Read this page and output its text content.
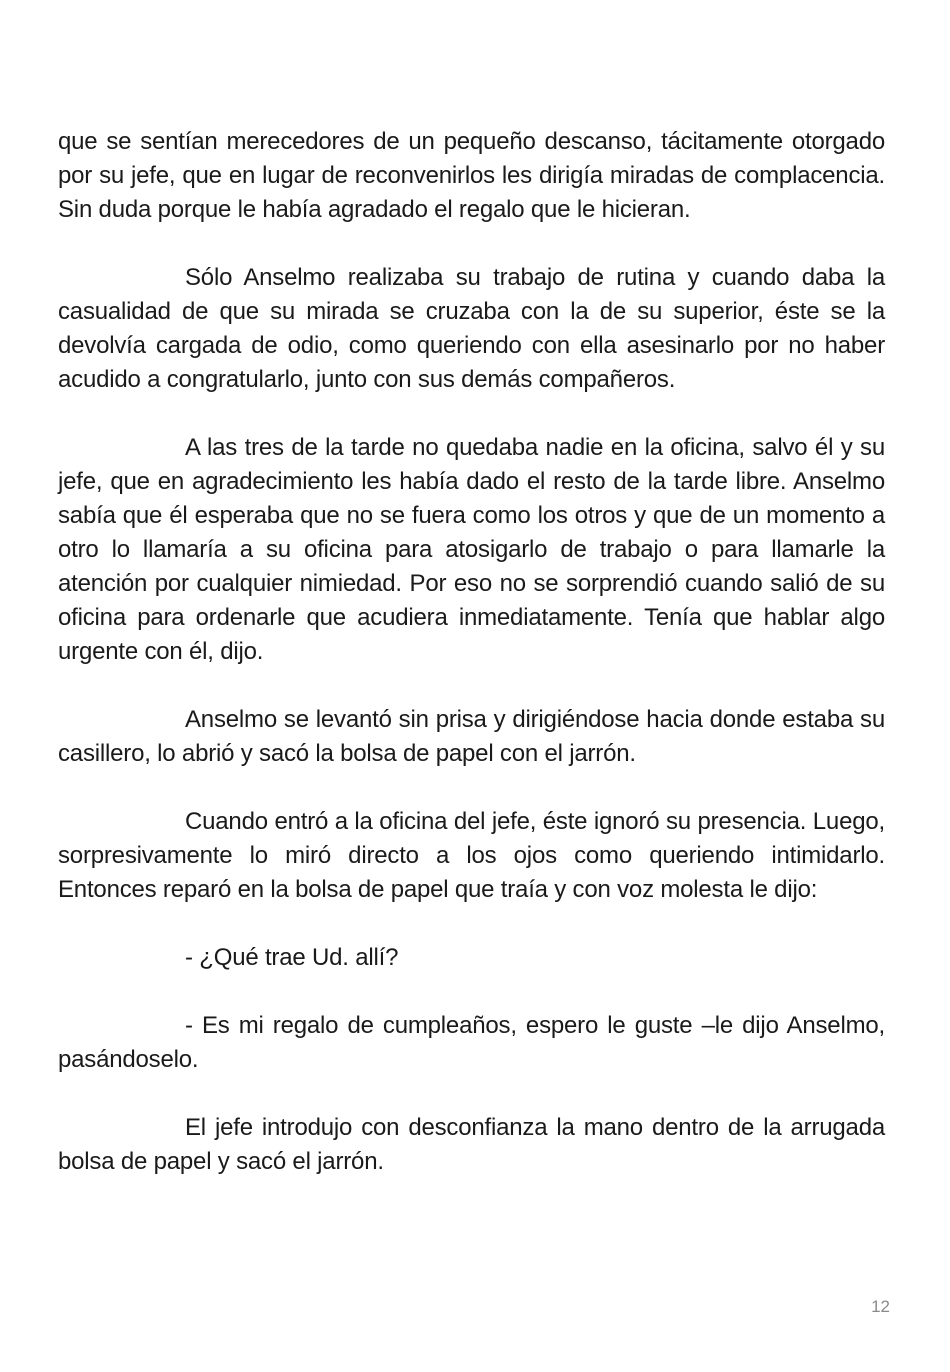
que se sentían merecedores de un pequeño descanso, tácitamente otorgado por su jefe, que en lugar de reconvenirlos les dirigía miradas de complacencia. Sin duda porque le había agradado el regalo que le hicieran.

Sólo Anselmo realizaba su trabajo de rutina y cuando daba la casualidad de que su mirada se cruzaba con la de su superior, éste se la devolvía cargada de odio, como queriendo con ella asesinarlo por no haber acudido a congratularlo, junto con sus demás compañeros.

A las tres de la tarde no quedaba nadie en la oficina, salvo él y su jefe, que en agradecimiento les había dado el resto de la tarde libre. Anselmo sabía que él esperaba que no se fuera como los otros y que de un momento a otro lo llamaría a su oficina para atosigarlo de trabajo o para llamarle la atención por cualquier nimiedad. Por eso no se sorprendió cuando salió de su oficina para ordenarle que acudiera inmediatamente. Tenía que hablar algo urgente con él, dijo.

Anselmo se levantó sin prisa y dirigiéndose hacia donde estaba su casillero, lo abrió y sacó la bolsa de papel con el jarrón.

Cuando entró a la oficina del jefe, éste ignoró su presencia. Luego, sorpresivamente lo miró directo a los ojos como queriendo intimidarlo. Entonces reparó en la bolsa de papel que traía y con voz molesta le dijo:

- ¿Qué trae Ud. allí?

- Es mi regalo de cumpleaños, espero le guste –le dijo Anselmo, pasándoselo.

El jefe introdujo con desconfianza la mano dentro de la arrugada bolsa de papel y sacó el jarrón.

12
